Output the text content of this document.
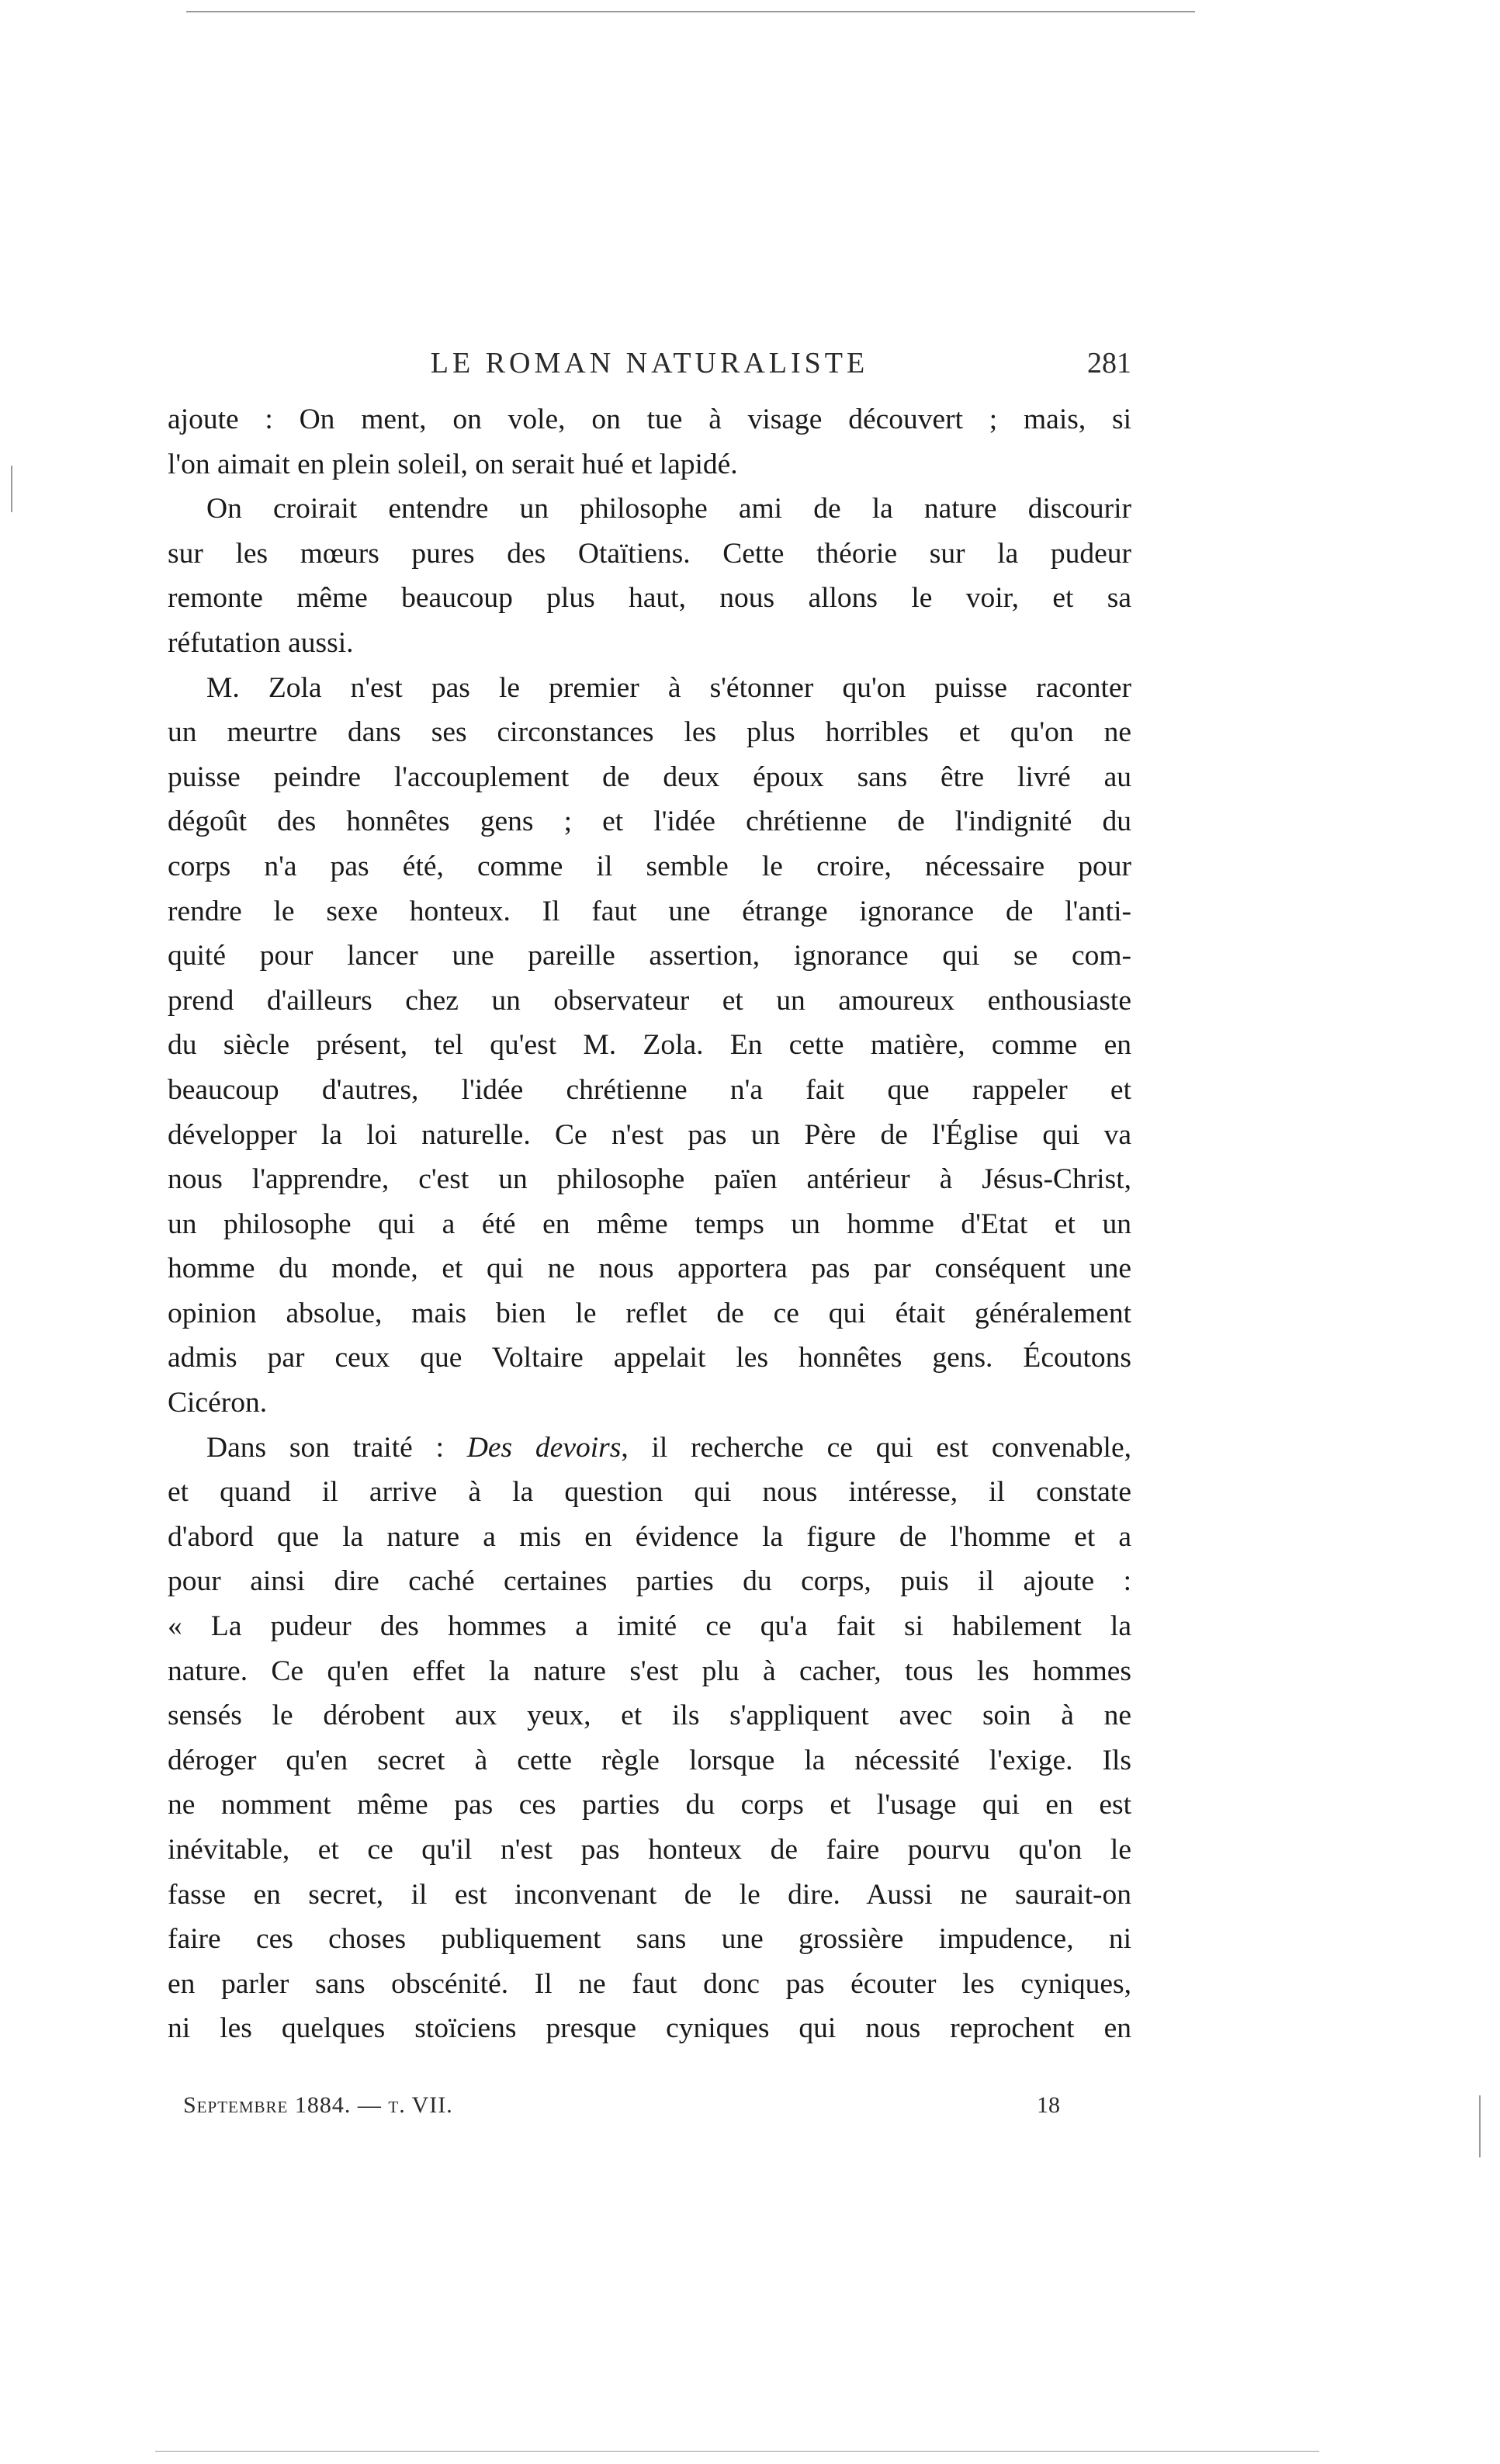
LE ROMAN NATURALISTE	281
ajoute : On ment, on vole, on tue à visage découvert ; mais, si
l'on aimait en plein soleil, on serait hué et lapidé.
On croirait entendre un philosophe ami de la nature discourir
sur les mœurs pures des Otaïtiens. Cette théorie sur la pudeur
remonte même beaucoup plus haut, nous allons le voir, et sa
réfutation aussi.
M. Zola n'est pas le premier à s'étonner qu'on puisse raconter
un meurtre dans ses circonstances les plus horribles et qu'on ne
puisse peindre l'accouplement de deux époux sans être livré au
dégoût des honnêtes gens ; et l'idée chrétienne de l'indignité du
corps n'a pas été, comme il semble le croire, nécessaire pour
rendre le sexe honteux. Il faut une étrange ignorance de l'anti-
quité pour lancer une pareille assertion, ignorance qui se com-
prend d'ailleurs chez un observateur et un amoureux enthousiaste
du siècle présent, tel qu'est M. Zola. En cette matière, comme en
beaucoup d'autres, l'idée chrétienne n'a fait que rappeler et
développer la loi naturelle. Ce n'est pas un Père de l'Église qui va
nous l'apprendre, c'est un philosophe païen antérieur à Jésus-Christ,
un philosophe qui a été en même temps un homme d'Etat et un
homme du monde, et qui ne nous apportera pas par conséquent une
opinion absolue, mais bien le reflet de ce qui était généralement
admis par ceux que Voltaire appelait les honnêtes gens. Écoutons
Cicéron.
Dans son traité : Des devoirs, il recherche ce qui est convenable,
et quand il arrive à la question qui nous intéresse, il constate
d'abord que la nature a mis en évidence la figure de l'homme et a
pour ainsi dire caché certaines parties du corps, puis il ajoute :
« La pudeur des hommes a imité ce qu'a fait si habilement la
nature. Ce qu'en effet la nature s'est plu à cacher, tous les hommes
sensés le dérobent aux yeux, et ils s'appliquent avec soin à ne
déroger qu'en secret à cette règle lorsque la nécessité l'exige. Ils
ne nomment même pas ces parties du corps et l'usage qui en est
inévitable, et ce qu'il n'est pas honteux de faire pourvu qu'on le
fasse en secret, il est inconvenant de le dire. Aussi ne saurait-on
faire ces choses publiquement sans une grossière impudence, ni
en parler sans obscénité. Il ne faut donc pas écouter les cyniques,
ni les quelques stoïciens presque cyniques qui nous reprochent en
Septembre 1884. — t. VII.	18
